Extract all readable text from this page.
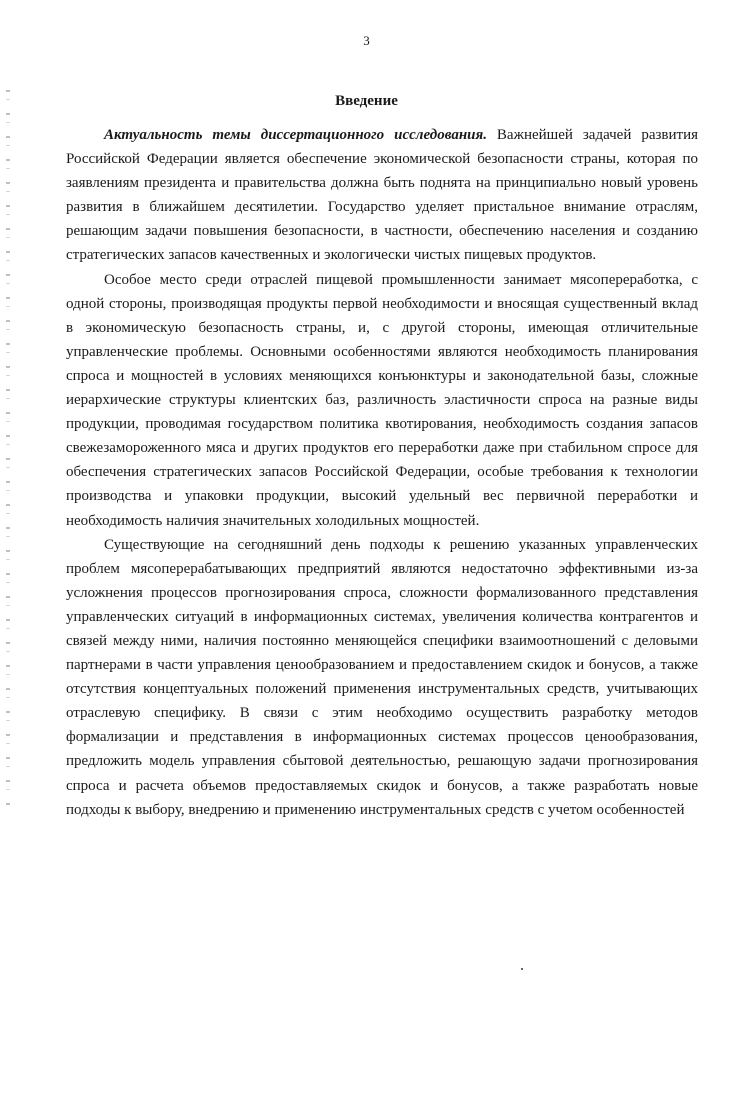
3
Введение

Актуальность темы диссертационного исследования. Важнейшей задачей развития Российской Федерации является обеспечение экономической безопасности страны, которая по заявлениям президента и правительства должна быть поднята на принципиально новый уровень развития в ближайшем десятилетии. Государство уделяет пристальное внимание отраслям, решающим задачи повышения безопасности, в частности, обеспечению населения и созданию стратегических запасов качественных и экологически чистых пищевых продуктов.

Особое место среди отраслей пищевой промышленности занимает мясопереработка, с одной стороны, производящая продукты первой необходимости и вносящая существенный вклад в экономическую безопасность страны, и, с другой стороны, имеющая отличительные управленческие проблемы. Основными особенностями являются необходимость планирования спроса и мощностей в условиях меняющихся конъюнктуры и законодательной базы, сложные иерархические структуры клиентских баз, различность эластичности спроса на разные виды продукции, проводимая государством политика квотирования, необходимость создания запасов свежезамороженного мяса и других продуктов его переработки даже при стабильном спросе для обеспечения стратегических запасов Российской Федерации, особые требования к технологии производства и упаковки продукции, высокий удельный вес первичной переработки и необходимость наличия значительных холодильных мощностей.

Существующие на сегодняшний день подходы к решению указанных управленческих проблем мясоперерабатывающих предприятий являются недостаточно эффективными из-за усложнения процессов прогнозирования спроса, сложности формализованного представления управленческих ситуаций в информационных системах, увеличения количества контрагентов и связей между ними, наличия постоянно меняющейся специфики взаимоотношений с деловыми партнерами в части управления ценообразованием и предоставлением скидок и бонусов, а также отсутствия концептуальных положений применения инструментальных средств, учитывающих отраслевую специфику. В связи с этим необходимо осуществить разработку методов формализации и представления в информационных системах процессов ценообразования, предложить модель управления сбытовой деятельностью, решающую задачи прогнозирования спроса и расчета объемов предоставляемых скидок и бонусов, а также разработать новые подходы к выбору, внедрению и применению инструментальных средств с учетом особенностей
